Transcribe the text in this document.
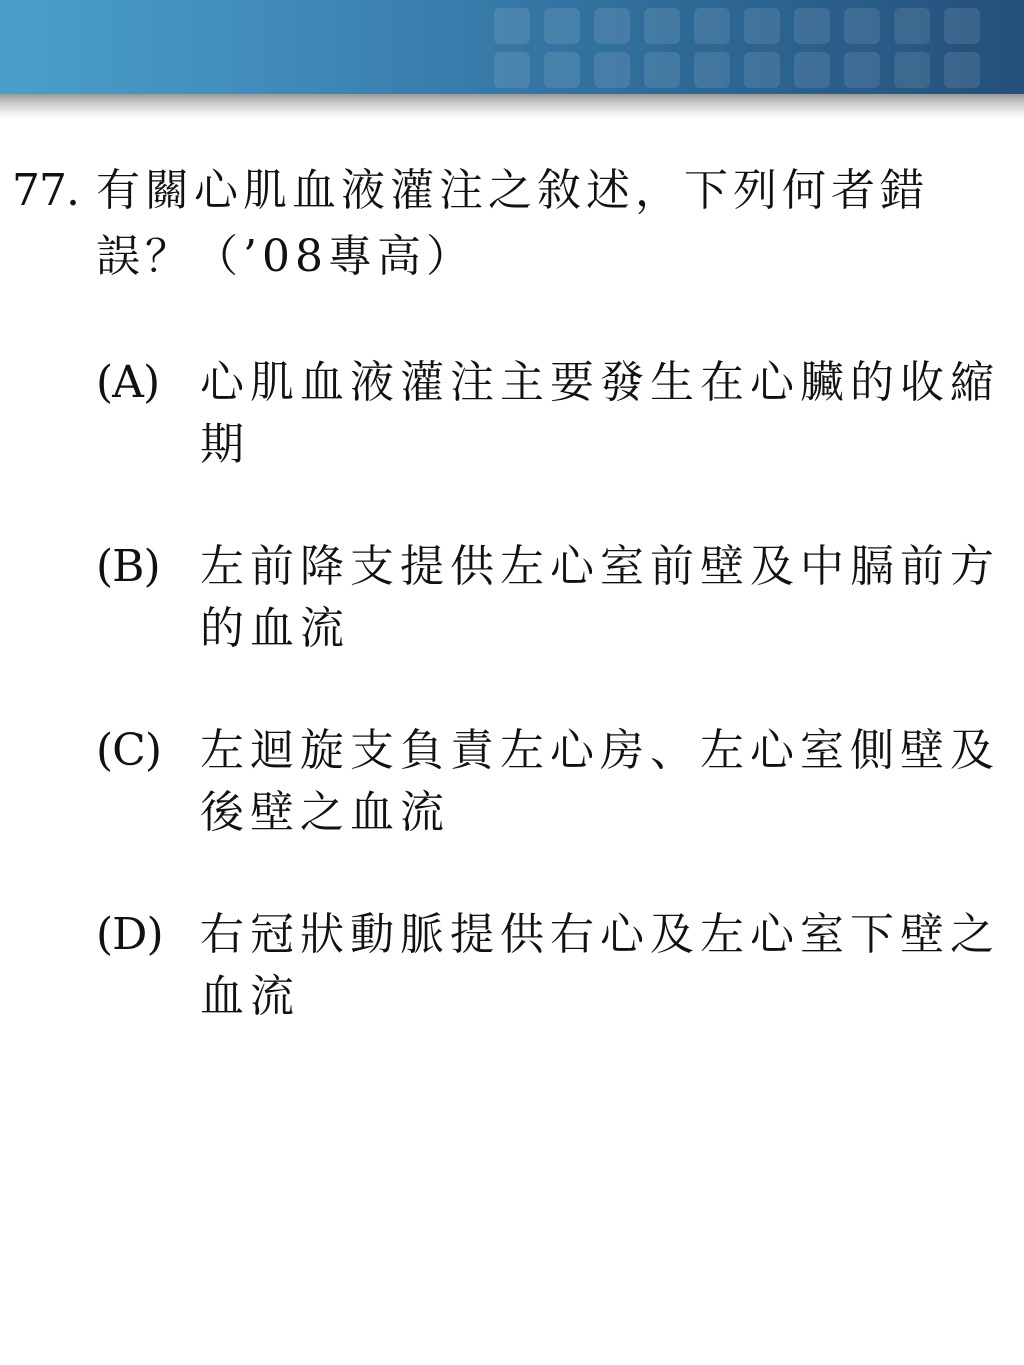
77. 有關心肌血液灌注之敘述，下列何者錯誤？（’08專高）
(A) 心肌血液灌注主要發生在心臟的收縮期
(B) 左前降支提供左心室前壁及中膈前方的血流
(C) 左迴旋支負責左心房、左心室側壁及後壁之血流
(D) 右冠狀動脈提供右心及左心室下壁之血流
